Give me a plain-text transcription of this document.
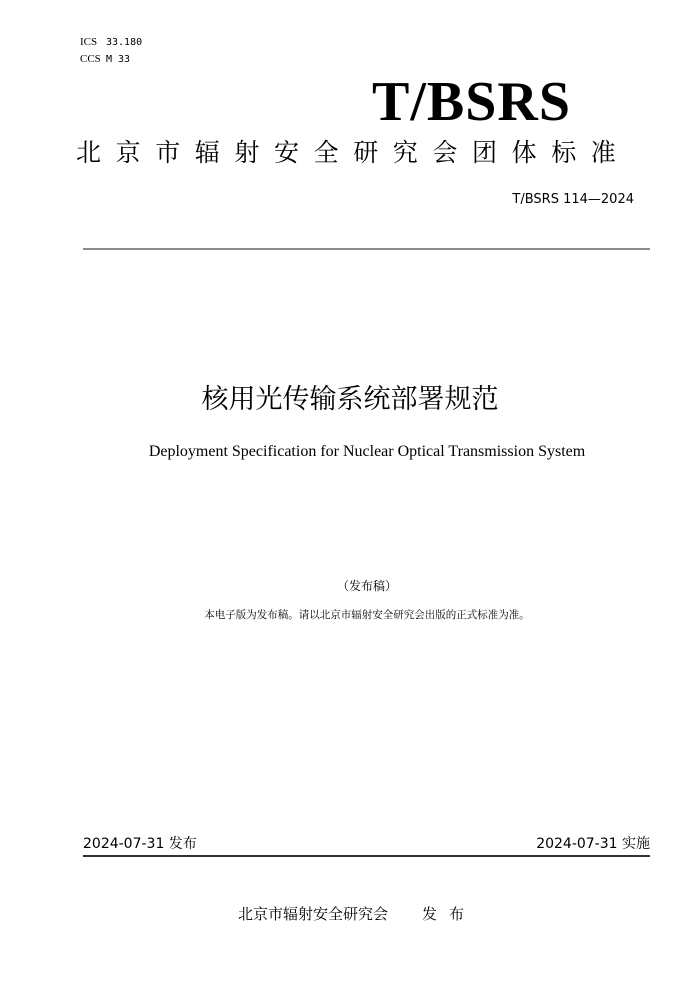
ICS 33.180
CCS M 33
T/BSRS
北京市辐射安全研究会团体标准
T/BSRS 114—2024
核用光传输系统部署规范
Deployment Specification for Nuclear Optical Transmission System
（发布稿）
本电子版为发布稿。请以北京市辐射安全研究会出版的正式标准为准。
2024-07-31 发布	2024-07-31 实施
北京市辐射安全研究会 发布
